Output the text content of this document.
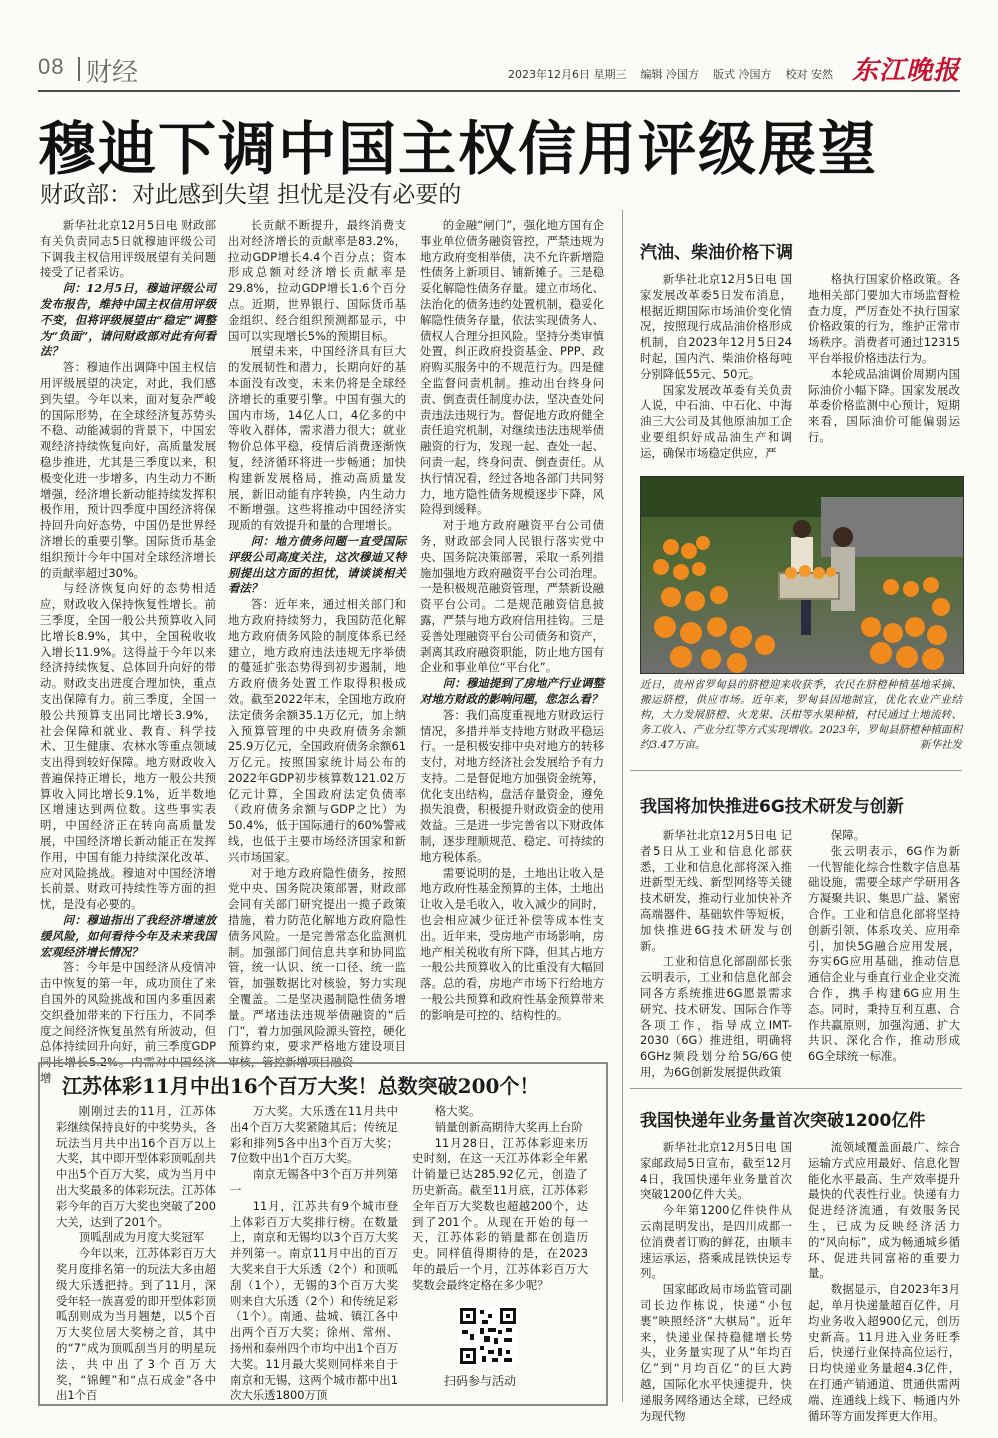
08 财经	2023年12月6日 星期三 编辑 冷国方 版式 冷国方 校对 安然 东江晚报
穆迪下调中国主权信用评级展望
财政部：对此感到失望 担忧是没有必要的

新华社北京12月5日电 财政部有关负责同志5日就穆迪评级公司下调我主权信用评级展望有关问题接受了记者采访。

问：12月5日，穆迪评级公司发布报告，维持中国主权信用评级不变，但将评级展望由“稳定”调整为“负面”，请问财政部对此有何看法？

答：穆迪作出调降中国主权信用评级展望的决定，对此，我们感到失望。今年以来，面对复杂严峻的国际形势，在全球经济复苏势头不稳、动能减弱的背景下，中国宏观经济持续恢复向好，高质量发展稳步推进，尤其是三季度以来，积极变化进一步增多，内生动力不断增强，经济增长新动能持续发挥积极作用，预计四季度中国经济将保持回升向好态势，中国仍是世界经济增长的重要引擎。国际货币基金组织预计今年中国对全球经济增长的贡献率超过30%。

与经济恢复向好的态势相适应，财政收入保持恢复性增长。前三季度，全国一般公共预算收入同比增长8.9%，其中，全国税收收入增长11.9%。这得益于今年以来经济持续恢复、总体回升向好的带动。财政支出进度合理加快，重点支出保障有力。前三季度，全国一般公共预算支出同比增长3.9%，社会保障和就业、教育、科学技术、卫生健康、农林水等重点领域支出得到较好保障。地方财政收入普遍保持正增长，地方一般公共预算收入同比增长9.1%，近半数地区增速达到两位数。这些事实表明，中国经济正在转向高质量发展，中国经济增长新动能正在发挥作用，中国有能力持续深化改革、应对风险挑战。穆迪对中国经济增长前景、财政可持续性等方面的担忧，是没有必要的。

问：穆迪指出了我经济增速放缓风险，如何看待今年及未来我国宏观经济增长情况？

答：今年是中国经济从疫情冲击中恢复的第一年，成功顶住了来自国外的风险挑战和国内多重因素交织叠加带来的下行压力，不同季度之间经济恢复虽然有所波动，但总体持续回升向好，前三季度GDP同比增长5.2%。内需对中国经济增

长贡献不断提升，最终消费支出对经济增长的贡献率是83.2%，拉动GDP增长4.4个百分点；资本形成总额对经济增长贡献率是29.8%，拉动GDP增长1.6个百分点。近期，世界银行、国际货币基金组织、经合组织预测都显示，中国可以实现增长5%的预期目标。

展望未来，中国经济具有巨大的发展韧性和潜力，长期向好的基本面没有改变，未来仍将是全球经济增长的重要引擎。中国有强大的国内市场，14亿人口，4亿多的中等收入群体，需求潜力很大；就业物价总体平稳，疫情后消费逐渐恢复，经济循环将进一步畅通；加快构建新发展格局，推动高质量发展，新旧动能有序转换，内生动力不断增强。这些将推动中国经济实现质的有效提升和量的合理增长。

问：地方债务问题一直受国际评级公司高度关注，这次穆迪又特别提出这方面的担忧，请谈谈相关看法？

答：近年来，通过相关部门和地方政府持续努力，我国防范化解地方政府债务风险的制度体系已经建立，地方政府违法违规无序举债的蔓延扩张态势得到初步遏制，地方政府债务处置工作取得积极成效。截至2022年末，全国地方政府法定债务余额35.1万亿元，加上纳入预算管理的中央政府债务余额25.9万亿元，全国政府债务余额61万亿元。按照国家统计局公布的2022年GDP初步核算数121.02万亿元计算，全国政府法定负债率（政府债务余额与GDP之比）为50.4%，低于国际通行的60%警戒线，也低于主要市场经济国家和新兴市场国家。

对于地方政府隐性债务，按照党中央、国务院决策部署，财政部会同有关部门研究提出一揽子政策措施，着力防范化解地方政府隐性债务风险。一是完善常态化监测机制。加强部门间信息共享和协同监管，统一认识、统一口径、统一监管，加强数据比对核验，努力实现全覆盖。二是坚决遏制隐性债务增量。严堵违法违规举债融资的“后门”，着力加强风险源头管控，硬化预算约束，要求严格地方建设项目审核，管控新增项目融资

的金融“闸门”，强化地方国有企事业单位债务融资管控，严禁违规为地方政府变相举债，决不允许新增隐性债务上新项目、铺新摊子。三是稳妥化解隐性债务存量。建立市场化、法治化的债务违约处置机制，稳妥化解隐性债务存量，依法实现债务人、债权人合理分担风险。坚持分类审慎处置，纠正政府投资基金、PPP、政府购买服务中的不规范行为。四是健全监督问责机制。推动出台终身问责、倒查责任制度办法，坚决查处问责违法违规行为。督促地方政府健全责任追究机制，对继续违法违规举债融资的行为，发现一起、查处一起、问责一起，终身问责、倒查责任。从执行情况看，经过各地各部门共同努力，地方隐性债务规模逐步下降，风险得到缓释。

对于地方政府融资平台公司债务，财政部会同人民银行落实党中央、国务院决策部署，采取一系列措施加强地方政府融资平台公司治理。一是积极规范融资管理，严禁新设融资平台公司。二是规范融资信息披露，严禁与地方政府信用挂钩。三是妥善处理融资平台公司债务和资产，剥离其政府融资职能，防止地方国有企业和事业单位“平台化”。

问：穆迪提到了房地产行业调整对地方财政的影响问题，您怎么看？

答：我们高度重视地方财政运行情况，多措并举支持地方财政平稳运行。一是积极安排中央对地方的转移支付，对地方经济社会发展给予有力支持。二是督促地方加强资金统筹，优化支出结构，盘活存量资金，遵免损失浪费，积极提升财政资金的使用效益。三是进一步完善省以下财政体制，逐步理顺规范、稳定、可持续的地方税体系。

需要说明的是，土地出让收入是地方政府性基金预算的主体，土地出让收入是毛收入，收入减少的同时，也会相应减少征迁补偿等成本性支出。近年来，受房地产市场影响，房地产相关税收有所下降，但其占地方一般公共预算收入的比重没有大幅回落。总的看，房地产市场下行给地方一般公共预算和政府性基金预算带来的影响是可控的、结构性的。

汽油、柴油价格下调

新华社北京12月5日电 国家发展改革委5日发布消息，根据近期国际市场油价变化情况，按照现行成品油价格形成机制，自2023年12月5日24时起，国内汽、柴油价格每吨分别降低55元、50元。

国家发展改革委有关负责人说，中石油、中石化、中海油三大公司及其他原油加工企业要组织好成品油生产和调运，确保市场稳定供应，严

格执行国家价格政策。各地相关部门要加大市场监督检查力度，严厉查处不执行国家价格政策的行为，维护正常市场秩序。消费者可通过12315平台举报价格违法行为。

本轮成品油调价周期内国际油价小幅下降。国家发展改革委价格监测中心预计，短期来看，国际油价可能偏弱运行。

近日，贵州省罗甸县的脐橙迎来收获季，农民在脐橙种植基地采摘、搬运脐橙，供应市场。近年来，罗甸县因地制宜，优化农业产业结构，大力发展脐橙、火龙果、沃柑等水果种植，村民通过土地流转、务工收入、产业分红等方式实现增收。2023年，罗甸县脐橙种植面积约3.47万亩。	新华社发
我国将加快推进6G技术研发与创新

新华社北京12月5日电 记者5日从工业和信息化部获悉，工业和信息化部将深入推进新型无线、新型网络等关键技术研发，推动行业加快补齐高端器件、基础软件等短板，加快推进6G技术研发与创新。

工业和信息化部副部长张云明表示，工业和信息化部会同各方系统推进6G愿景需求研究、技术研发、国际合作等各项工作，指导成立IMT-2030（6G）推进组，明确将6GHz频段划分给5G/6G使用，为6G创新发展提供政策

保障。

张云明表示，6G作为新一代智能化综合性数字信息基础设施，需要全球产学研用各方凝聚共识、集思广益、紧密合作。工业和信息化部将坚持创新引领、体系攻关、应用牵引，加快5G融合应用发展，夯实6G应用基础，推动信息通信企业与垂直行业企业交流合作，携手构建6G应用生态。同时，秉持互利互惠、合作共赢原则，加强沟通、扩大共识、深化合作，推动形成6G全球统一标准。

我国快递年业务量首次突破1200亿件

新华社北京12月5日电 国家邮政局5日宣布，截至12月4日，我国快递年业务量首次突破1200亿件大关。

今年第1200亿件快件从云南昆明发出，是四川成都一位消费者订购的鲜花，由顺丰速运承运，搭乘成昆铁快运专列。

国家邮政局市场监管司副司长边作栋说，快递“小包裹”映照经济“大棋局”。近年来，快递业保持稳健增长势头，业务量实现了从“年均百亿”到“月均百亿”的巨大跨越，国际化水平快速提升，快递服务网络通达全球，已经成为现代物

流领域覆盖面最广、综合运输方式应用最好、信息化智能化水平最高、生产效率提升最快的代表性行业。快递有力促进经济流通，有效服务民生，已成为反映经济活力的“风向标”，成为畅通城乡循环、促进共同富裕的重要力量。

数据显示，自2023年3月起，单月快递量超百亿件，月均业务收入超900亿元，创历史新高。11月进入业务旺季后，快递行业保持高位运行，日均快递业务量超4.3亿件，在打通产销通道、贯通供需两端、连通线上线下、畅通内外循环等方面发挥更大作用。

江苏体彩11月中出16个百万大奖！总数突破200个！

刚刚过去的11月，江苏体彩继续保持良好的中奖势头，各玩法当月共中出16个百万以上大奖，其中即开型体彩顶呱刮共中出5个百万大奖，成为当月中出大奖最多的体彩玩法。江苏体彩今年的百万大奖也突破了200大关，达到了201个。

顶呱刮成为月度大奖冠军

今年以来，江苏体彩百万大奖月度排名第一的玩法大多由超级大乐透把持。到了11月，深受年轻一族喜爱的即开型体彩顶呱刮则成为当月翘楚，以5个百万大奖位居大奖榜之首，其中的“7”成为顶呱刮当月的明星玩法，共中出了3个百万大奖，“锦鲤”和“点石成金”各中出1个百

万大奖。大乐透在11月共中出4个百万大奖紧随其后；传统足彩和排列5各中出3个百万大奖；7位数中出1个百万大奖。

南京无锡各中3个百万并列第一

11月，江苏共有9个城市登上体彩百万大奖排行榜。在数量上，南京和无锡均以3个百万大奖并列第一。南京11月中出的百万大奖来自于大乐透（2个）和顶呱刮（1个），无锡的3个百万大奖则来自大乐透（2个）和传统足彩（1个）。南通、盐城、镇江各中出两个百万大奖；徐州、常州、扬州和泰州四个市均中出1个百万大奖。11月最大奖则同样来自于南京和无锡，这两个城市都中出1次大乐透1800万顶

格大奖。

销量创新高期待大奖再上台阶

11月28日，江苏体彩迎来历史时刻，在这一天江苏体彩全年累计销量已达285.92亿元，创造了历史新高。截至11月底，江苏体彩全年百万大奖数也超越200个，达到了201个。从现在开始的每一天，江苏体彩的销量都在创造历史。同样值得期待的是，在2023年的最后一个月，江苏体彩百万大奖数会最终定格在多少呢？

扫码参与活动
